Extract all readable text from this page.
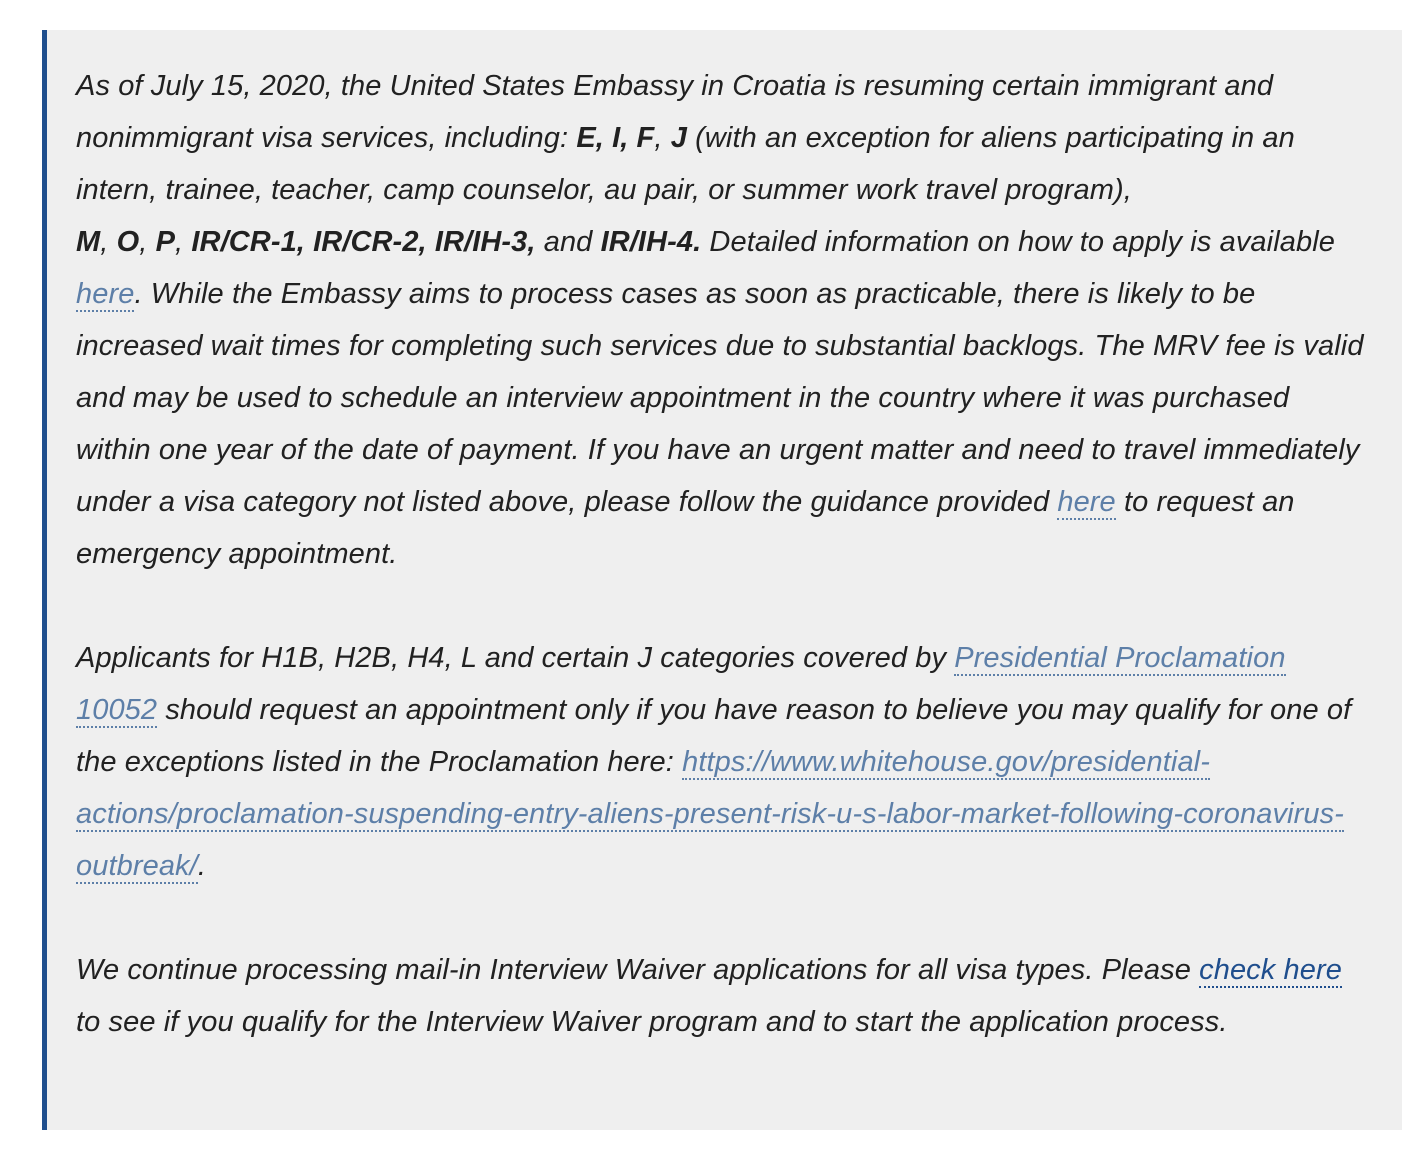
As of July 15, 2020, the United States Embassy in Croatia is resuming certain immigrant and nonimmigrant visa services, including: E, I, F, J (with an exception for aliens participating in an intern, trainee, teacher, camp counselor, au pair, or summer work travel program),
M, O, P, IR/CR-1, IR/CR-2, IR/IH-3, and IR/IH-4. Detailed information on how to apply is available here. While the Embassy aims to process cases as soon as practicable, there is likely to be increased wait times for completing such services due to substantial backlogs. The MRV fee is valid and may be used to schedule an interview appointment in the country where it was purchased within one year of the date of payment. If you have an urgent matter and need to travel immediately under a visa category not listed above, please follow the guidance provided here to request an emergency appointment.

Applicants for H1B, H2B, H4, L and certain J categories covered by Presidential Proclamation 10052 should request an appointment only if you have reason to believe you may qualify for one of the exceptions listed in the Proclamation here: https://www.whitehouse.gov/presidential-actions/proclamation-suspending-entry-aliens-present-risk-u-s-labor-market-following-coronavirus-outbreak/.

We continue processing mail-in Interview Waiver applications for all visa types. Please check here to see if you qualify for the Interview Waiver program and to start the application process.
